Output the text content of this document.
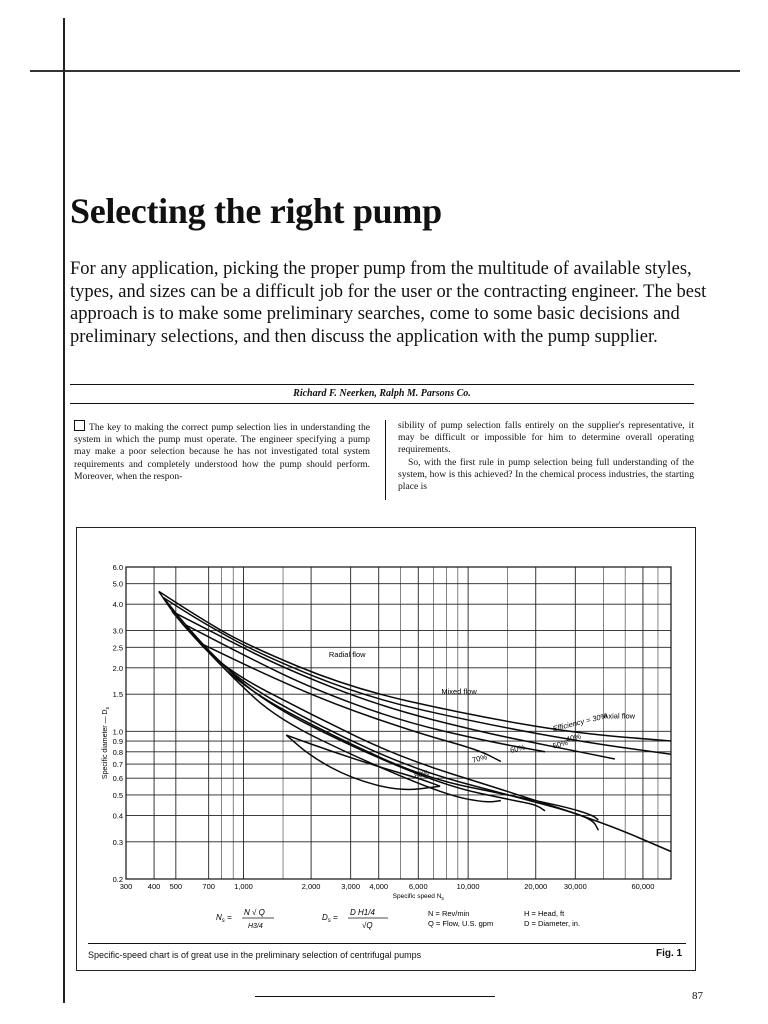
Selecting the right pump
For any application, picking the proper pump from the multitude of available styles, types, and sizes can be a difficult job for the user or the contracting engineer. The best approach is to make some preliminary searches, come to some basic decisions and preliminary selections, and then discuss the application with the pump supplier.
Richard F. Neerken, Ralph M. Parsons Co.
The key to making the correct pump selection lies in understanding the system in which the pump must operate. The engineer specifying a pump may make a poor selection because he has not investigated total system requirements and completely understood how the pump should perform. Moreover, when the respon-
sibility of pump selection falls entirely on the supplier's representative, it may be difficult or impossible for him to determine overall operating requirements.
So, with the first rule in pump selection being full understanding of the system, how is this achieved? In the chemical process industries, the starting place is
300 400 500	700	1,000	2,000	3,000 4,000	6,000	10,000	20,000 30,000	60,000
0.2
0.3
0.4
0.5
0.6
0.7
0.8
0.9
1.0
1.5
2.0
2.5
3.0
4.0
5.0
6.0
Specific speed $N_s$
Specific diameter — $D_s$
Radial flow
Mixed flow
Axial flow
Efficiency = 30%
40%
50%
60%
70%
80%
$N_s$ =
N √ Q
H3/4
$D_s$ =
D H1/4
√Q
N = Rev/min
Q = Flow, U.S. gpm
H = Head, ft
D = Diameter, in.
Specific-speed chart is of great use in the preliminary selection of centrifugal pumps	Fig. 1
87
